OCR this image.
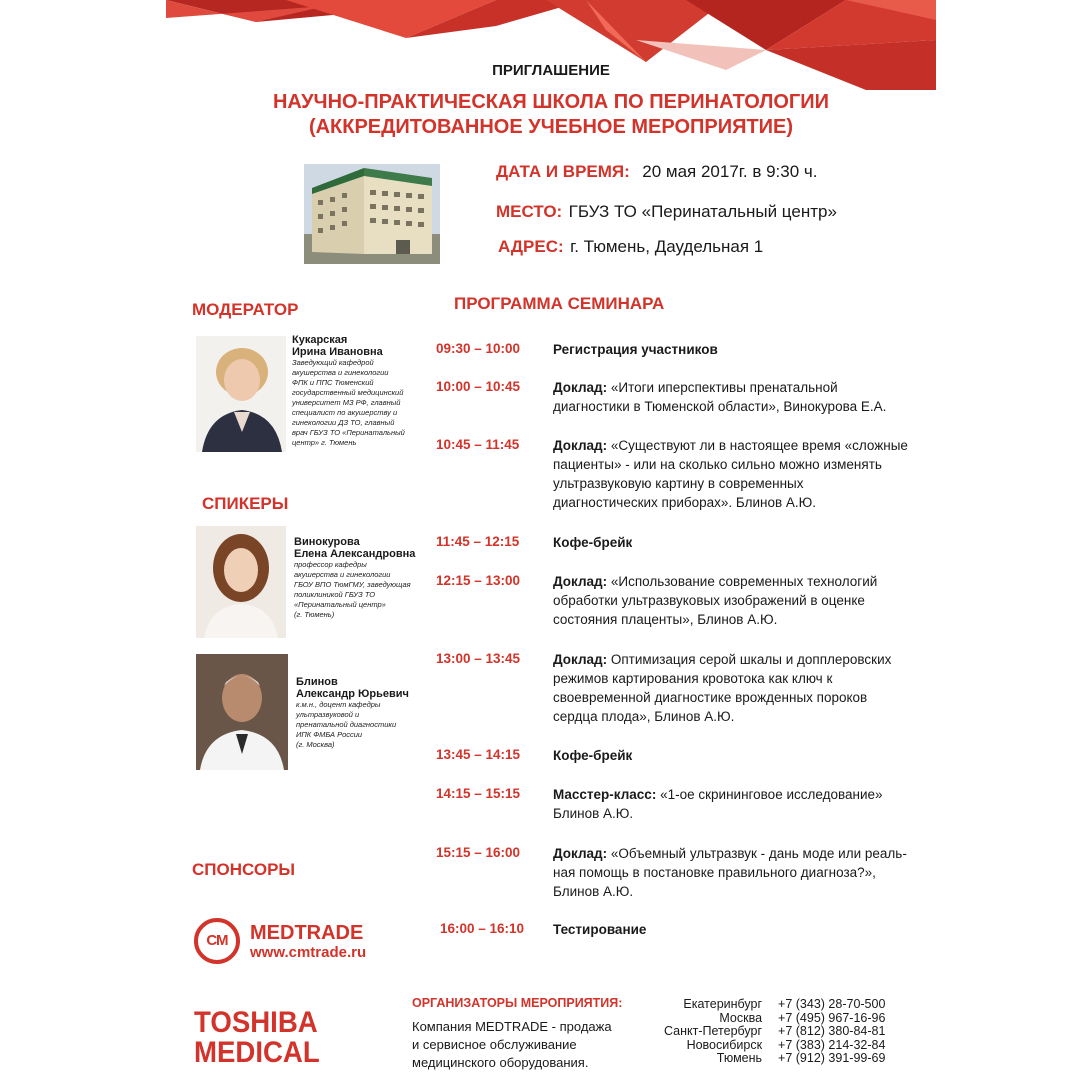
ПРИГЛАШЕНИЕ
НАУЧНО-ПРАКТИЧЕСКАЯ ШКОЛА ПО ПЕРИНАТОЛОГИИ
(АККРЕДИТОВАННОЕ УЧЕБНОЕ МЕРОПРИЯТИЕ)
ДАТА И ВРЕМЯ: 20 мая 2017г. в 9:30 ч.
МЕСТО: ГБУЗ ТО «Перинатальный центр»
АДРЕС: г. Тюмень, Даудельная 1
МОДЕРАТОР
Кукарская
Ирина Ивановна
Заведующий кафедрой
акушерства и гинекологии
ФПК и ППС Тюменский
государственный медицинский
университет МЗ РФ, главный
специалист по акушерству и
гинекологии ДЗ ТО, главный
врач ГБУЗ ТО «Перинатальный
центр» г. Тюмень
СПИКЕРЫ
Винокурова
Елена Александровна
профессор кафедры
акушерства и гинекологии
ГБОУ ВПО ТюмГМУ, заведующая
поликлиникой ГБУЗ ТО
«Перинатальный центр»
(г. Тюмень)
Блинов
Александр Юрьевич
к.м.н., доцент кафедры
ультразвуковой и
пренатальной диагностики
ИПК ФМБА России
(г. Москва)
СПОНСОРЫ
СМ	MEDTRADE
www.cmtrade.ru
ПРОГРАММА СЕМИНАРА
09:30 – 10:00 Регистрация участников
10:00 – 10:45 Доклад: «Итоги иперспективы пренатальной
диагностики в Тюменской области», Винокурова Е.А.
10:45 – 11:45 Доклад: «Существуют ли в настоящее время «сложные
пациенты» - или на сколько сильно можно изменять
ультразвуковую картину в современных
диагностических приборах». Блинов А.Ю.
11:45 – 12:15 Кофе-брейк
12:15 – 13:00 Доклад: «Использование современных технологий
обработки ультразвуковых изображений в оценке
состояния плаценты», Блинов А.Ю.
13:00 – 13:45 Доклад: Оптимизация серой шкалы и допплеровских
режимов картирования кровотока как ключ к
своевременной диагностике врожденных пороков
сердца плода», Блинов А.Ю.
13:45 – 14:15 Кофе-брейк
14:15 – 15:15 Масстер-класс: «1-ое скрининговое исследование»
Блинов А.Ю.
15:15 – 16:00 Доклад: «Объемный ультразвук - дань моде или реаль-
ная помощь в постановке правильного диагноза?»,
Блинов А.Ю.
16:00 – 16:10 Тестирование
TOSHIBA
MEDICAL
ОРГАНИЗАТОРЫ МЕРОПРИЯТИЯ:
Компания MEDTRADE - продажа
и сервисное обслуживание
медицинского оборудования.
Екатеринбург	+7 (343) 28-70-500
Москва	+7 (495) 967-16-96
Санкт-Петербург	+7 (812) 380-84-81
Новосибирск	+7 (383) 214-32-84
Тюмень	+7 (912) 391-99-69
